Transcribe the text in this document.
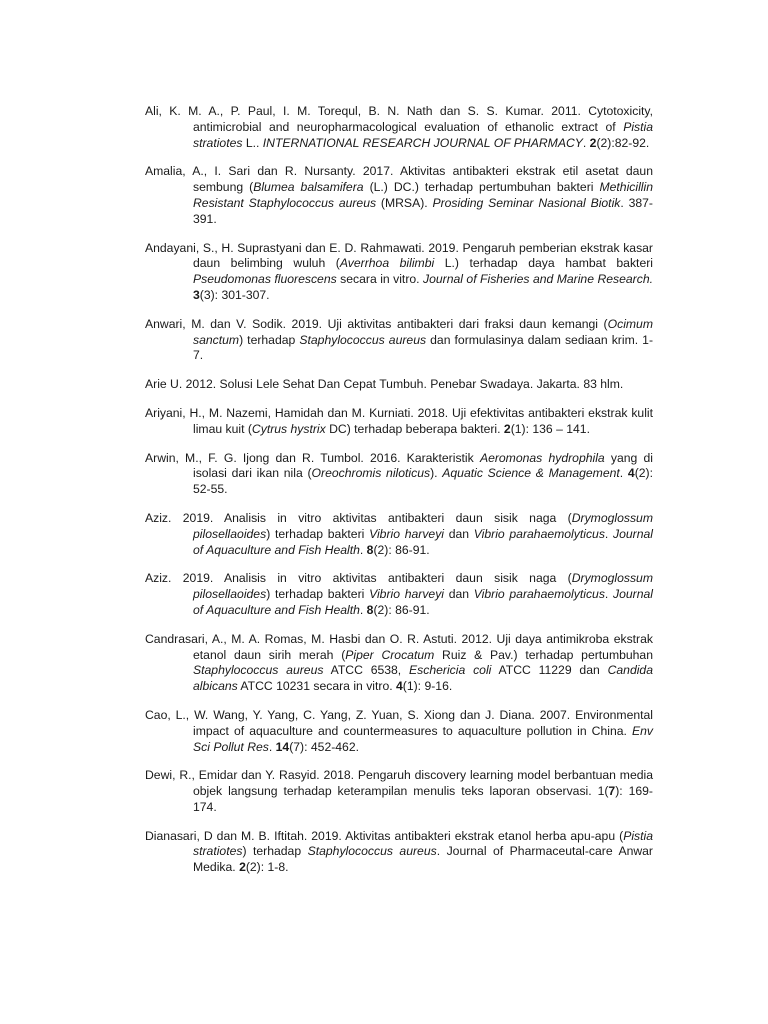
Ali, K. M. A., P. Paul, I. M. Torequl, B. N. Nath dan S. S. Kumar. 2011. Cytotoxicity, antimicrobial and neuropharmacological evaluation of ethanolic extract of Pistia stratiotes L.. INTERNATIONAL RESEARCH JOURNAL OF PHARMACY. 2(2):82-92.

Amalia, A., I. Sari dan R. Nursanty. 2017. Aktivitas antibakteri ekstrak etil asetat daun sembung (Blumea balsamifera (L.) DC.) terhadap pertumbuhan bakteri Methicillin Resistant Staphylococcus aureus (MRSA). Prosiding Seminar Nasional Biotik. 387-391.

Andayani, S., H. Suprastyani dan E. D. Rahmawati. 2019. Pengaruh pemberian ekstrak kasar daun belimbing wuluh (Averrhoa bilimbi L.) terhadap daya hambat bakteri Pseudomonas fluorescens secara in vitro. Journal of Fisheries and Marine Research. 3(3): 301-307.

Anwari, M. dan V. Sodik. 2019. Uji aktivitas antibakteri dari fraksi daun kemangi (Ocimum sanctum) terhadap Staphylococcus aureus dan formulasinya dalam sediaan krim. 1-7.

Arie U. 2012. Solusi Lele Sehat Dan Cepat Tumbuh. Penebar Swadaya. Jakarta. 83 hlm.

Ariyani, H., M. Nazemi, Hamidah dan M. Kurniati. 2018. Uji efektivitas antibakteri ekstrak kulit limau kuit (Cytrus hystrix DC) terhadap beberapa bakteri. 2(1): 136 – 141.

Arwin, M., F. G. Ijong dan R. Tumbol. 2016. Karakteristik Aeromonas hydrophila yang di isolasi dari ikan nila (Oreochromis niloticus). Aquatic Science & Management. 4(2): 52-55.

Aziz. 2019. Analisis in vitro aktivitas antibakteri daun sisik naga (Drymoglossum pilosellaoides) terhadap bakteri Vibrio harveyi dan Vibrio parahaemolyticus. Journal of Aquaculture and Fish Health. 8(2): 86-91.

Aziz. 2019. Analisis in vitro aktivitas antibakteri daun sisik naga (Drymoglossum pilosellaoides) terhadap bakteri Vibrio harveyi dan Vibrio parahaemolyticus. Journal of Aquaculture and Fish Health. 8(2): 86-91.

Candrasari, A., M. A. Romas, M. Hasbi dan O. R. Astuti. 2012. Uji daya antimikroba ekstrak etanol daun sirih merah (Piper Crocatum Ruiz & Pav.) terhadap pertumbuhan Staphylococcus aureus ATCC 6538, Eschericia coli ATCC 11229 dan Candida albicans ATCC 10231 secara in vitro. 4(1): 9-16.

Cao, L., W. Wang, Y. Yang, C. Yang, Z. Yuan, S. Xiong dan J. Diana. 2007. Environmental impact of aquaculture and countermeasures to aquaculture pollution in China. Env Sci Pollut Res. 14(7): 452-462.

Dewi, R., Emidar dan Y. Rasyid. 2018. Pengaruh discovery learning model berbantuan media objek langsung terhadap keterampilan menulis teks laporan observasi. 1(7): 169-174.

Dianasari, D dan M. B. Iftitah. 2019. Aktivitas antibakteri ekstrak etanol herba apu-apu (Pistia stratiotes) terhadap Staphylococcus aureus. Journal of Pharmaceutal-care Anwar Medika. 2(2): 1-8.
